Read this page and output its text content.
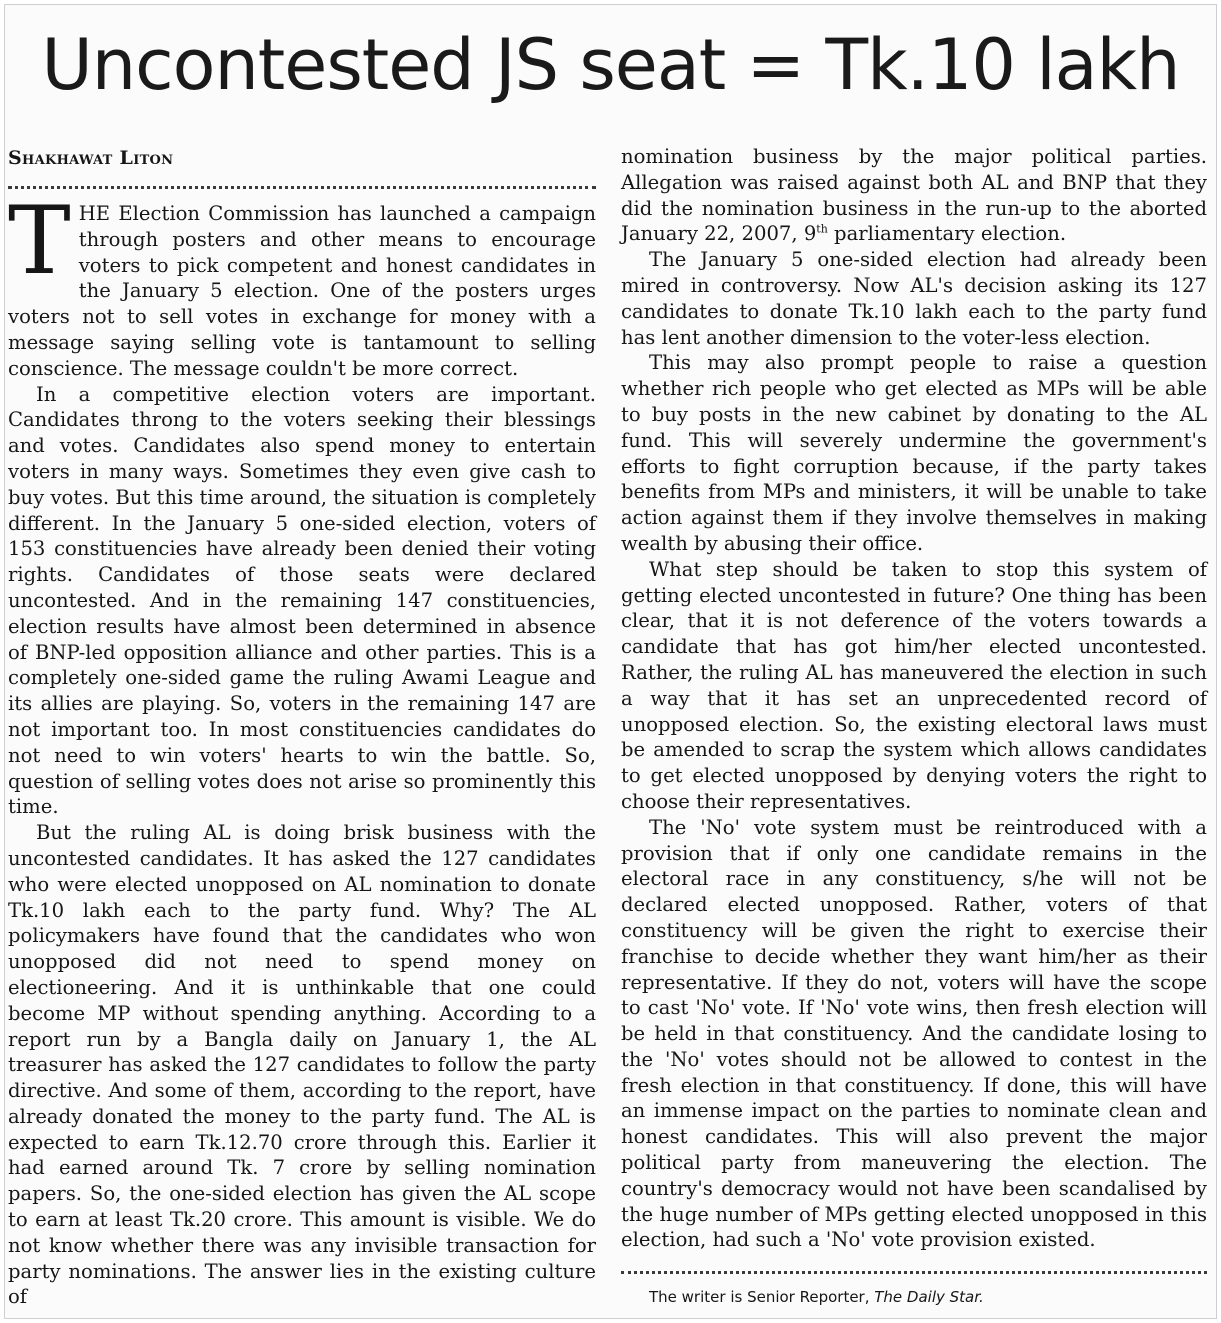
Uncontested JS seat = Tk.10 lakh
Shakhawat Liton

THE Election Commission has launched a campaign through posters and other means to encourage voters to pick competent and honest candidates in the January 5 election. One of the posters urges voters not to sell votes in exchange for money with a message saying selling vote is tantamount to selling conscience. The message couldn't be more correct.

In a competitive election voters are important. Candidates throng to the voters seeking their blessings and votes. Candidates also spend money to entertain voters in many ways. Sometimes they even give cash to buy votes. But this time around, the situation is completely different. In the January 5 one-sided election, voters of 153 constituencies have already been denied their voting rights. Candidates of those seats were declared uncontested. And in the remaining 147 constituencies, election results have almost been determined in absence of BNP-led opposition alliance and other parties. This is a completely one-sided game the ruling Awami League and its allies are playing. So, voters in the remaining 147 are not important too. In most constituencies candidates do not need to win voters' hearts to win the battle. So, question of selling votes does not arise so prominently this time.

But the ruling AL is doing brisk business with the uncontested candidates. It has asked the 127 candidates who were elected unopposed on AL nomination to donate Tk.10 lakh each to the party fund. Why? The AL policymakers have found that the candidates who won unopposed did not need to spend money on electioneering. And it is unthinkable that one could become MP without spending anything. According to a report run by a Bangla daily on January 1, the AL treasurer has asked the 127 candidates to follow the party directive. And some of them, according to the report, have already donated the money to the party fund. The AL is expected to earn Tk.12.70 crore through this. Earlier it had earned around Tk. 7 crore by selling nomination papers. So, the one-sided election has given the AL scope to earn at least Tk.20 crore. This amount is visible. We do not know whether there was any invisible transaction for party nominations. The answer lies in the existing culture of

nomination business by the major political parties. Allegation was raised against both AL and BNP that they did the nomination business in the run-up to the aborted January 22, 2007, 9th parliamentary election.

The January 5 one-sided election had already been mired in controversy. Now AL's decision asking its 127 candidates to donate Tk.10 lakh each to the party fund has lent another dimension to the voter-less election.

This may also prompt people to raise a question whether rich people who get elected as MPs will be able to buy posts in the new cabinet by donating to the AL fund. This will severely undermine the government's efforts to fight corruption because, if the party takes benefits from MPs and ministers, it will be unable to take action against them if they involve themselves in making wealth by abusing their office.

What step should be taken to stop this system of getting elected uncontested in future? One thing has been clear, that it is not deference of the voters towards a candidate that has got him/her elected uncontested. Rather, the ruling AL has maneuvered the election in such a way that it has set an unprecedented record of unopposed election. So, the existing electoral laws must be amended to scrap the system which allows candidates to get elected unopposed by denying voters the right to choose their representatives.

The 'No' vote system must be reintroduced with a provision that if only one candidate remains in the electoral race in any constituency, s/he will not be declared elected unopposed. Rather, voters of that constituency will be given the right to exercise their franchise to decide whether they want him/her as their representative. If they do not, voters will have the scope to cast 'No' vote. If 'No' vote wins, then fresh election will be held in that constituency. And the candidate losing to the 'No' votes should not be allowed to contest in the fresh election in that constituency. If done, this will have an immense impact on the parties to nominate clean and honest candidates. This will also prevent the major political party from maneuvering the election. The country's democracy would not have been scandalised by the huge number of MPs getting elected unopposed in this election, had such a 'No' vote provision existed.

The writer is Senior Reporter, The Daily Star.
